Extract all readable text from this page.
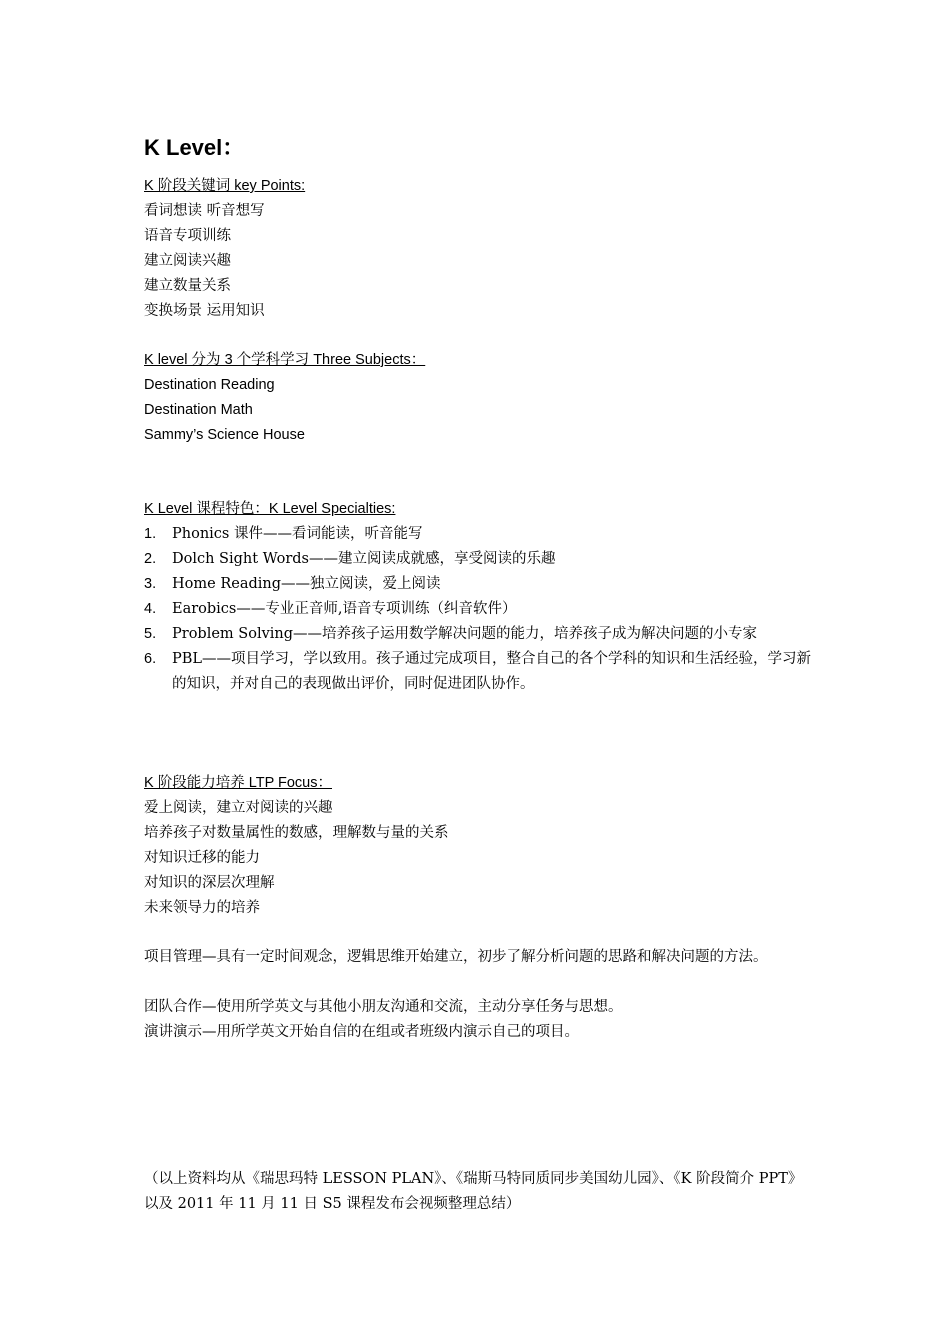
K Level：
K 阶段关键词 key Points:
看词想读 听音想写
语音专项训练
建立阅读兴趣
建立数量关系
变换场景 运用知识
K level 分为 3 个学科学习 Three Subjects：
Destination Reading
Destination Math
Sammy’s Science House
K Level 课程特色：K Level Specialties:
1. Phonics 课件——看词能读，听音能写
2. Dolch Sight Words——建立阅读成就感，享受阅读的乐趣
3. Home Reading——独立阅读，爱上阅读
4. Earobics——专业正音师,语音专项训练（纠音软件）
5. Problem Solving——培养孩子运用数学解决问题的能力，培养孩子成为解决问题的小专家
6. PBL——项目学习，学以致用。孩子通过完成项目，整合自己的各个学科的知识和生活经验，学习新的知识，并对自己的表现做出评价，同时促进团队协作。
K 阶段能力培养 LTP Focus：
爱上阅读，建立对阅读的兴趣
培养孩子对数量属性的数感，理解数与量的关系
对知识迁移的能力
对知识的深层次理解
未来领导力的培养
项目管理—具有一定时间观念，逻辑思维开始建立，初步了解分析问题的思路和解决问题的方法。
团队合作—使用所学英文与其他小朋友沟通和交流，主动分享任务与思想。
演讲演示—用所学英文开始自信的在组或者班级内演示自己的项目。
（以上资料均从《瑞思玛特 LESSON PLAN》、《瑞斯马特同质同步美国幼儿园》、《K 阶段简介 PPT》以及 2011 年 11 月 11 日 S5 课程发布会视频整理总结）
